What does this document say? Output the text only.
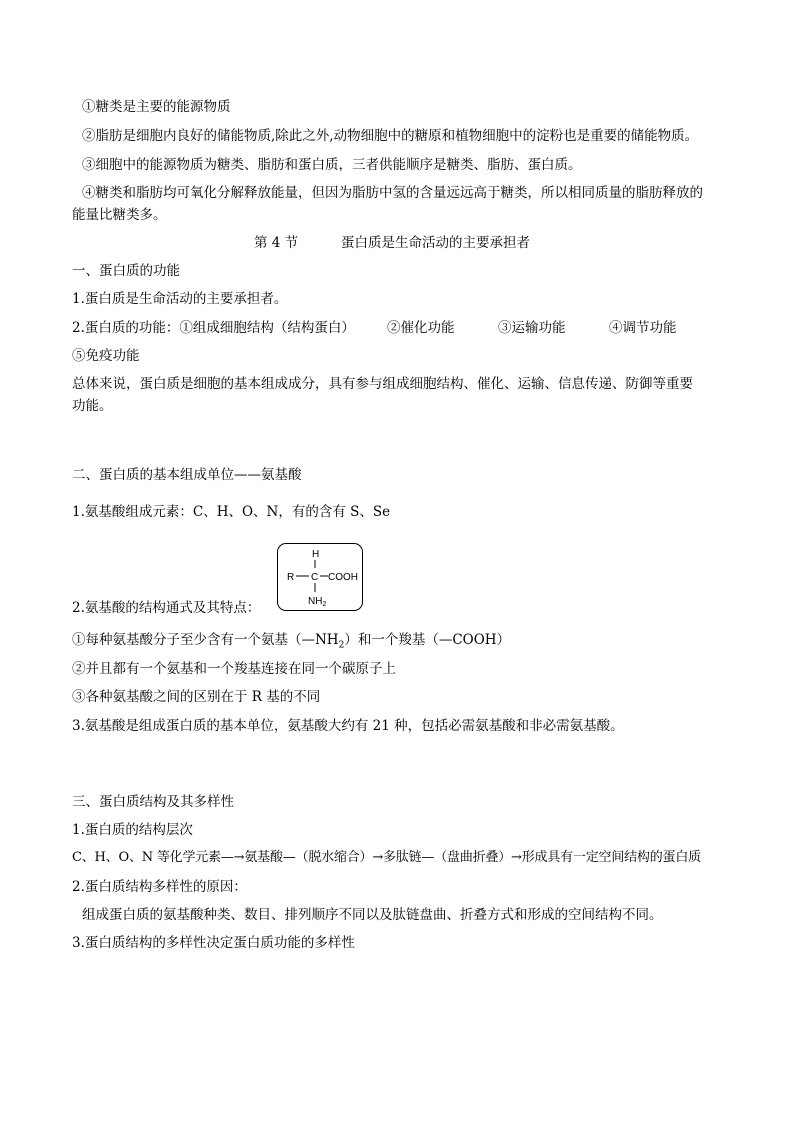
①糖类是主要的能源物质
②脂肪是细胞内良好的储能物质,除此之外,动物细胞中的糖原和植物细胞中的淀粉也是重要的储能物质。
③细胞中的能源物质为糖类、脂肪和蛋白质，三者供能顺序是糖类、脂肪、蛋白质。
④糖类和脂肪均可氧化分解释放能量，但因为脂肪中氢的含量远远高于糖类，所以相同质量的脂肪释放的
能量比糖类多。
第 4 节	蛋白质是生命活动的主要承担者
一、蛋白质的功能
1.蛋白质是生命活动的主要承担者。
2.蛋白质的功能：①组成细胞结构（结构蛋白） ②催化功能	③运输功能	④调节功能
⑤免疫功能
总体来说，蛋白质是细胞的基本组成成分，具有参与组成细胞结构、催化、运输、信息传递、防御等重要
功能。
二、蛋白质的基本组成单位——氨基酸
1.氨基酸组成元素：C、H、O、N，有的含有 S、Se
H
R C COOH
$NH_2$
2.氨基酸的结构通式及其特点：
①每种氨基酸分子至少含有一个氨基$(—NH_2)$和一个羧基（—COOH）
②并且都有一个氨基和一个羧基连接在同一个碳原子上
③各种氨基酸之间的区别在于 R 基的不同
3.氨基酸是组成蛋白质的基本单位，氨基酸大约有 21 种，包括必需氨基酸和非必需氨基酸。
三、蛋白质结构及其多样性
1.蛋白质的结构层次
C、H、O、N 等化学元素—→氨基酸—（脱水缩合）→多肽链—（盘曲折叠）→形成具有一定空间结构的蛋白质
2.蛋白质结构多样性的原因：
组成蛋白质的氨基酸种类、数目、排列顺序不同以及肽链盘曲、折叠方式和形成的空间结构不同。
3.蛋白质结构的多样性决定蛋白质功能的多样性
